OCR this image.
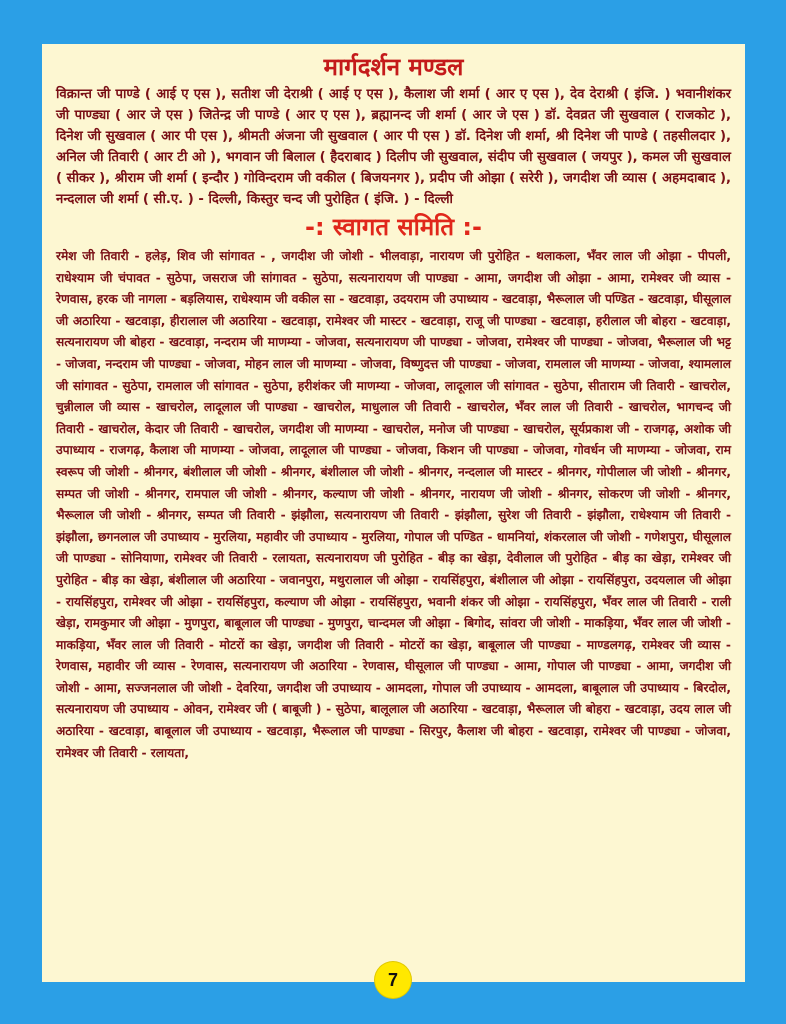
मार्गदर्शन मण्डल

विक्रान्त जी पाण्डे ( आई ए एस ), सतीश जी देराश्री ( आई ए एस ), कैलाश जी शर्मा ( आर ए एस ), देव देराश्री ( इंजि. ) भवानीशंकर जी पाण्ड्या ( आर जे एस ) जितेन्द्र जी पाण्डे ( आर ए एस ), ब्रह्मानन्द जी शर्मा ( आर जे एस ) डॉ. देवव्रत जी सुखवाल ( राजकोट ), दिनेश जी सुखवाल ( आर पी एस ), श्रीमती अंजना जी सुखवाल ( आर पी एस ) डॉ. दिनेश जी शर्मा, श्री दिनेश जी पाण्डे ( तहसीलदार ), अनिल जी तिवारी ( आर टी ओ ), भगवान जी बिलाल ( हैदराबाद ) दिलीप जी सुखवाल, संदीप जी सुखवाल ( जयपुर ), कमल जी सुखवाल ( सीकर ), श्रीराम जी शर्मा ( इन्दौर ) गोविन्दराम जी वकील ( बिजयनगर ), प्रदीप जी ओझा ( सरेरी ), जगदीश जी व्यास ( अहमदाबाद ), नन्दलाल जी शर्मा ( सी.ए. ) - दिल्ली, किस्तुर चन्द जी पुरोहित ( इंजि. ) - दिल्ली

-: स्वागत समिति :-

रमेश जी तिवारी - हलेड़, शिव जी सांगावत - , जगदीश जी जोशी - भीलवाड़ा, नारायण जी पुरोहित - थलाकला, भँवर लाल जी ओझा - पीपली, राधेश्याम जी चंपावत - सुठेपा, जसराज जी सांगावत - सुठेपा, सत्यनारायण जी पाण्ड्या - आमा, जगदीश जी ओझा - आमा, रामेश्वर जी व्यास - रेणवास, हरक जी नागला - बड़लियास, राधेश्याम जी वकील सा - खटवाड़ा, उदयराम जी उपाध्याय - खटवाड़ा, भैरूलाल जी पण्डित - खटवाड़ा, घीसूलाल जी अठारिया - खटवाड़ा, हीरालाल जी अठारिया - खटवाड़ा, रामेश्वर जी मास्टर - खटवाड़ा, राजू जी पाण्ड्या - खटवाड़ा, हरीलाल जी बोहरा - खटवाड़ा, सत्यनारायण जी बोहरा - खटवाड़ा, नन्दराम जी माणम्या - जोजवा, सत्यनारायण जी पाण्ड्या - जोजवा, रामेश्वर जी पाण्ड्या - जोजवा, भैरूलाल जी भट्ट - जोजवा, नन्दराम जी पाण्ड्या - जोजवा, मोहन लाल जी माणम्या - जोजवा, विष्णुदत्त जी पाण्ड्या - जोजवा, रामलाल जी माणम्या - जोजवा, श्यामलाल जी सांगावत - सुठेपा, रामलाल जी सांगावत - सुठेपा, हरीशंकर जी माणम्या - जोजवा, लादूलाल जी सांगावत - सुठेपा, सीताराम जी तिवारी - खाचरोल, चुन्नीलाल जी व्यास - खाचरोल, लादूलाल जी पाण्ड्या - खाचरोल, माधुलाल जी तिवारी - खाचरोल, भँवर लाल जी तिवारी - खाचरोल, भागचन्द जी तिवारी - खाचरोल, केदार जी तिवारी - खाचरोल, जगदीश जी माणम्या - खाचरोल, मनोज जी पाण्ड्या - खाचरोल, सूर्यप्रकाश जी - राजगढ़, अशोक जी उपाध्याय - राजगढ़, कैलाश जी माणम्या - जोजवा, लादूलाल जी पाण्ड्या - जोजवा, किशन जी पाण्ड्या - जोजवा, गोवर्धन जी माणम्या - जोजवा, राम स्वरूप जी जोशी - श्रीनगर, बंशीलाल जी जोशी - श्रीनगर, बंशीलाल जी जोशी - श्रीनगर, नन्दलाल जी मास्टर - श्रीनगर, गोपीलाल जी जोशी - श्रीनगर, सम्पत जी जोशी - श्रीनगर, रामपाल जी जोशी - श्रीनगर, कल्याण जी जोशी - श्रीनगर, नारायण जी जोशी - श्रीनगर, सोकरण जी जोशी - श्रीनगर, भैरूलाल जी जोशी - श्रीनगर, सम्पत जी तिवारी - झंझौला, सत्यनारायण जी तिवारी - झंझौला, सुरेश जी तिवारी - झंझौला, राधेश्याम जी तिवारी - झंझौला, छगनलाल जी उपाध्याय - मुरलिया, महावीर जी उपाध्याय - मुरलिया, गोपाल जी पण्डित - धामनियां, शंकरलाल जी जोशी - गणेशपुरा, घीसूलाल जी पाण्ड्या - सोनियाणा, रामेश्वर जी तिवारी - रलायता, सत्यनारायण जी पुरोहित - बीड़ का खेड़ा, देवीलाल जी पुरोहित - बीड़ का खेड़ा, रामेश्वर जी पुरोहित - बीड़ का खेड़ा, बंशीलाल जी अठारिया - जवानपुरा, मथुरालाल जी ओझा - रायसिंहपुरा, बंशीलाल जी ओझा - रायसिंहपुरा, उदयलाल जी ओझा - रायसिंहपुरा, रामेश्वर जी ओझा - रायसिंहपुरा, कल्याण जी ओझा - रायसिंहपुरा, भवानी शंकर जी ओझा - रायसिंहपुरा, भँवर लाल जी तिवारी - राली खेड़ा, रामकुमार जी ओझा - मुणपुरा, बाबूलाल जी पाण्ड्या - मुणपुरा, चान्दमल जी ओझा - बिगोद, सांवरा जी जोशी - माकड़िया, भँवर लाल जी जोशी - माकड़िया, भँवर लाल जी तिवारी - मोटरों का खेड़ा, जगदीश जी तिवारी - मोटरों का खेड़ा, बाबूलाल जी पाण्ड्या - माण्डलगढ़, रामेश्वर जी व्यास - रेणवास, महावीर जी व्यास - रेणवास, सत्यनारायण जी अठारिया - रेणवास, घीसूलाल जी पाण्ड्या - आमा, गोपाल जी पाण्ड्या - आमा, जगदीश जी जोशी - आमा, सज्जनलाल जी जोशी - देवरिया, जगदीश जी उपाध्याय - आमदला, गोपाल जी उपाध्याय - आमदला, बाबूलाल जी उपाध्याय - बिरदोल, सत्यनारायण जी उपाध्याय - ओवन, रामेश्वर जी ( बाबूजी ) - सुठेपा, बालूलाल जी अठारिया - खटवाड़ा, भैरूलाल जी बोहरा - खटवाड़ा, उदय लाल जी अठारिया - खटवाड़ा, बाबूलाल जी उपाध्याय - खटवाड़ा, भैरूलाल जी पाण्ड्या - सिरपुर, कैलाश जी बोहरा - खटवाड़ा, रामेश्वर जी पाण्ड्या - जोजवा, रामेश्वर जी तिवारी - रलायता,

7
